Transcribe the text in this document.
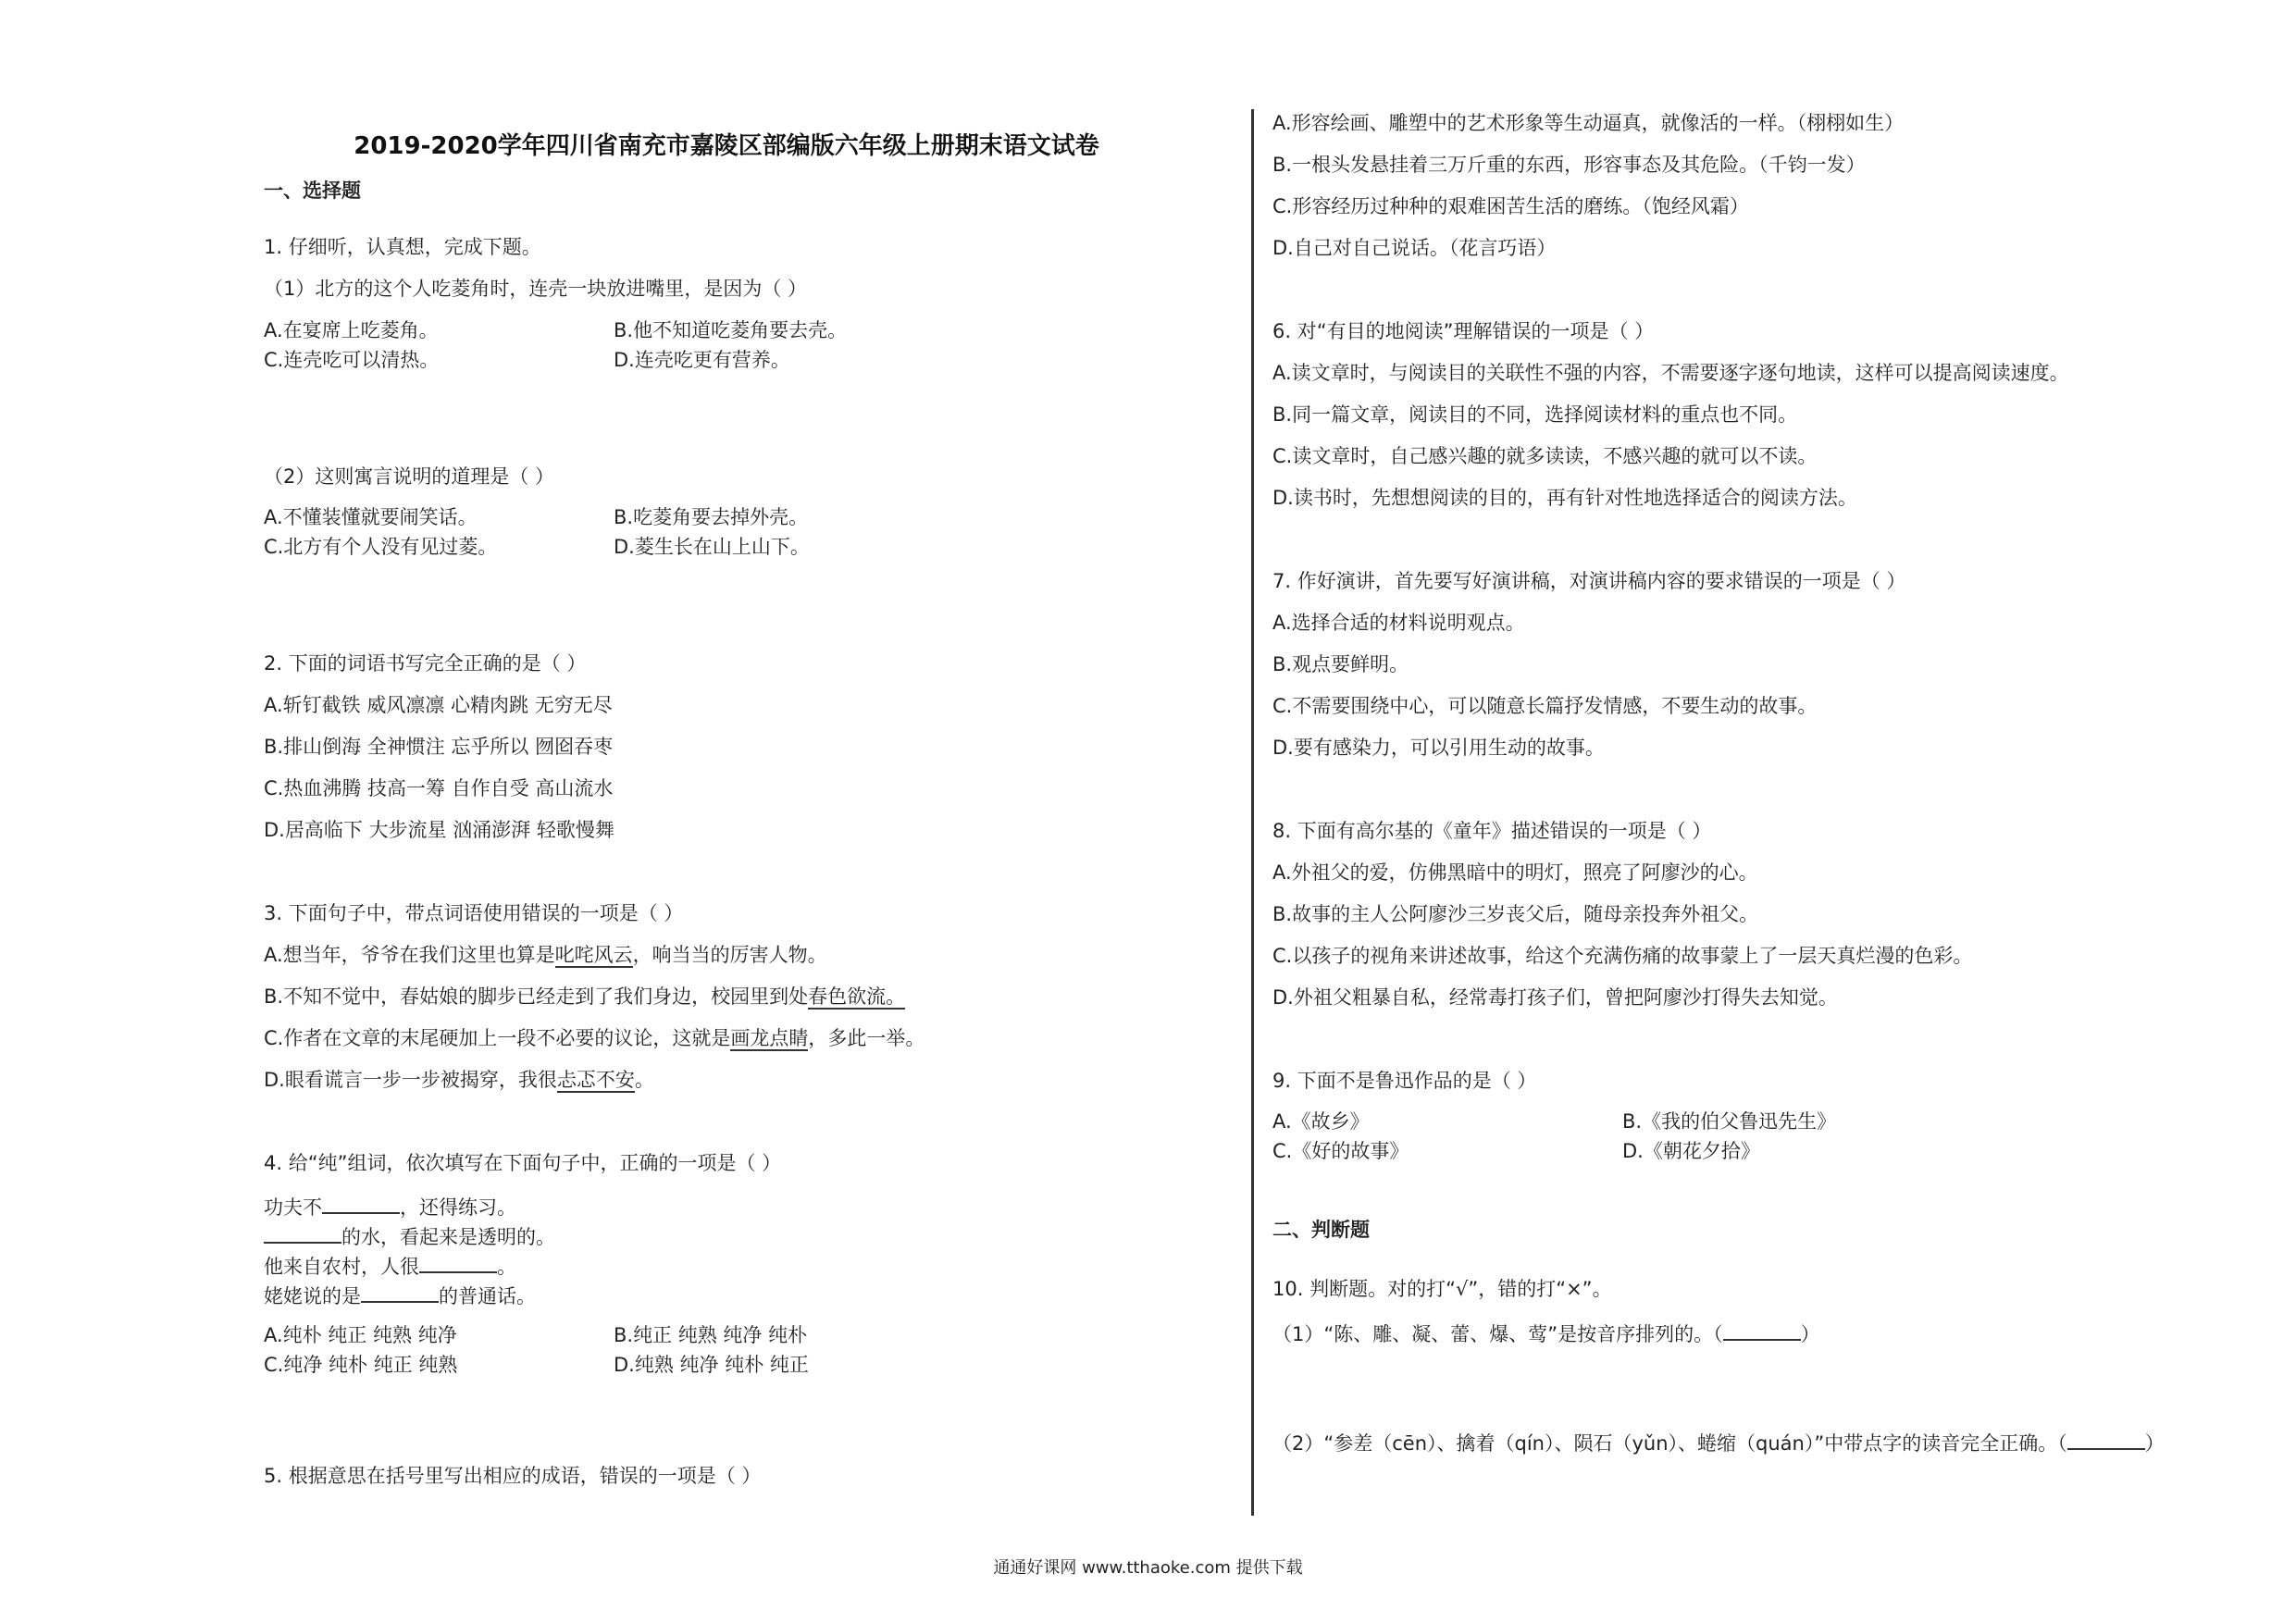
2019-2020学年四川省南充市嘉陵区部编版六年级上册期末语文试卷
一、选择题
1. 仔细听，认真想，完成下题。
（1）北方的这个人吃菱角时，连壳一块放进嘴里，是因为（ ）
A.在宴席上吃菱角。	B.他不知道吃菱角要去壳。
C.连壳吃可以清热。	D.连壳吃更有营养。
（2）这则寓言说明的道理是（ ）
A.不懂装懂就要闹笑话。	B.吃菱角要去掉外壳。
C.北方有个人没有见过菱。	D.菱生长在山上山下。
2. 下面的词语书写完全正确的是（ ）
A.斩钉截铁 威风凛凛 心精肉跳 无穷无尽
B.排山倒海 全神惯注 忘乎所以 囫囵吞枣
C.热血沸腾 技高一筹 自作自受 高山流水
D.居高临下 大步流星 汹涌澎湃 轻歌慢舞
3. 下面句子中，带点词语使用错误的一项是（ ）
A.想当年，爷爷在我们这里也算是叱咤风云，响当当的厉害人物。
B.不知不觉中，春姑娘的脚步已经走到了我们身边，校园里到处春色欲流。
C.作者在文章的末尾硬加上一段不必要的议论，这就是画龙点睛，多此一举。
D.眼看谎言一步一步被揭穿，我很忐忑不安。
4. 给“纯”组词，依次填写在下面句子中，正确的一项是（ ）
功夫不	，还得练习。
的水，看起来是透明的。
他来自农村，人很	。
姥姥说的是	的普通话。
A.纯朴 纯正 纯熟 纯净	B.纯正 纯熟 纯净 纯朴
C.纯净 纯朴 纯正 纯熟	D.纯熟 纯净 纯朴 纯正
5. 根据意思在括号里写出相应的成语，错误的一项是（ ）
A.形容绘画、雕塑中的艺术形象等生动逼真，就像活的一样。（栩栩如生）
B.一根头发悬挂着三万斤重的东西，形容事态及其危险。（千钧一发）
C.形容经历过种种的艰难困苦生活的磨练。（饱经风霜）
D.自己对自己说话。（花言巧语）
6. 对“有目的地阅读”理解错误的一项是（ ）
A.读文章时，与阅读目的关联性不强的内容，不需要逐字逐句地读，这样可以提高阅读速度。
B.同一篇文章，阅读目的不同，选择阅读材料的重点也不同。
C.读文章时，自己感兴趣的就多读读，不感兴趣的就可以不读。
D.读书时，先想想阅读的目的，再有针对性地选择适合的阅读方法。
7. 作好演讲，首先要写好演讲稿，对演讲稿内容的要求错误的一项是（ ）
A.选择合适的材料说明观点。
B.观点要鲜明。
C.不需要围绕中心，可以随意长篇抒发情感，不要生动的故事。
D.要有感染力，可以引用生动的故事。
8. 下面有高尔基的《童年》描述错误的一项是（ ）
A.外祖父的爱，仿佛黑暗中的明灯，照亮了阿廖沙的心。
B.故事的主人公阿廖沙三岁丧父后，随母亲投奔外祖父。
C.以孩子的视角来讲述故事，给这个充满伤痛的故事蒙上了一层天真烂漫的色彩。
D.外祖父粗暴自私，经常毒打孩子们，曾把阿廖沙打得失去知觉。
9. 下面不是鲁迅作品的是（ ）
A.《故乡》	B.《我的伯父鲁迅先生》
C.《好的故事》	D.《朝花夕拾》
二、判断题
10. 判断题。对的打“√”，错的打“×”。
（1）“陈、雕、凝、蕾、爆、莺”是按音序排列的。（	）
（2）“参差（cēn）、擒着（qín）、陨石（yǔn）、蜷缩（quán）”中带点字的读音完全正确。（	）
通通好课网 www.tthaoke.com 提供下载
